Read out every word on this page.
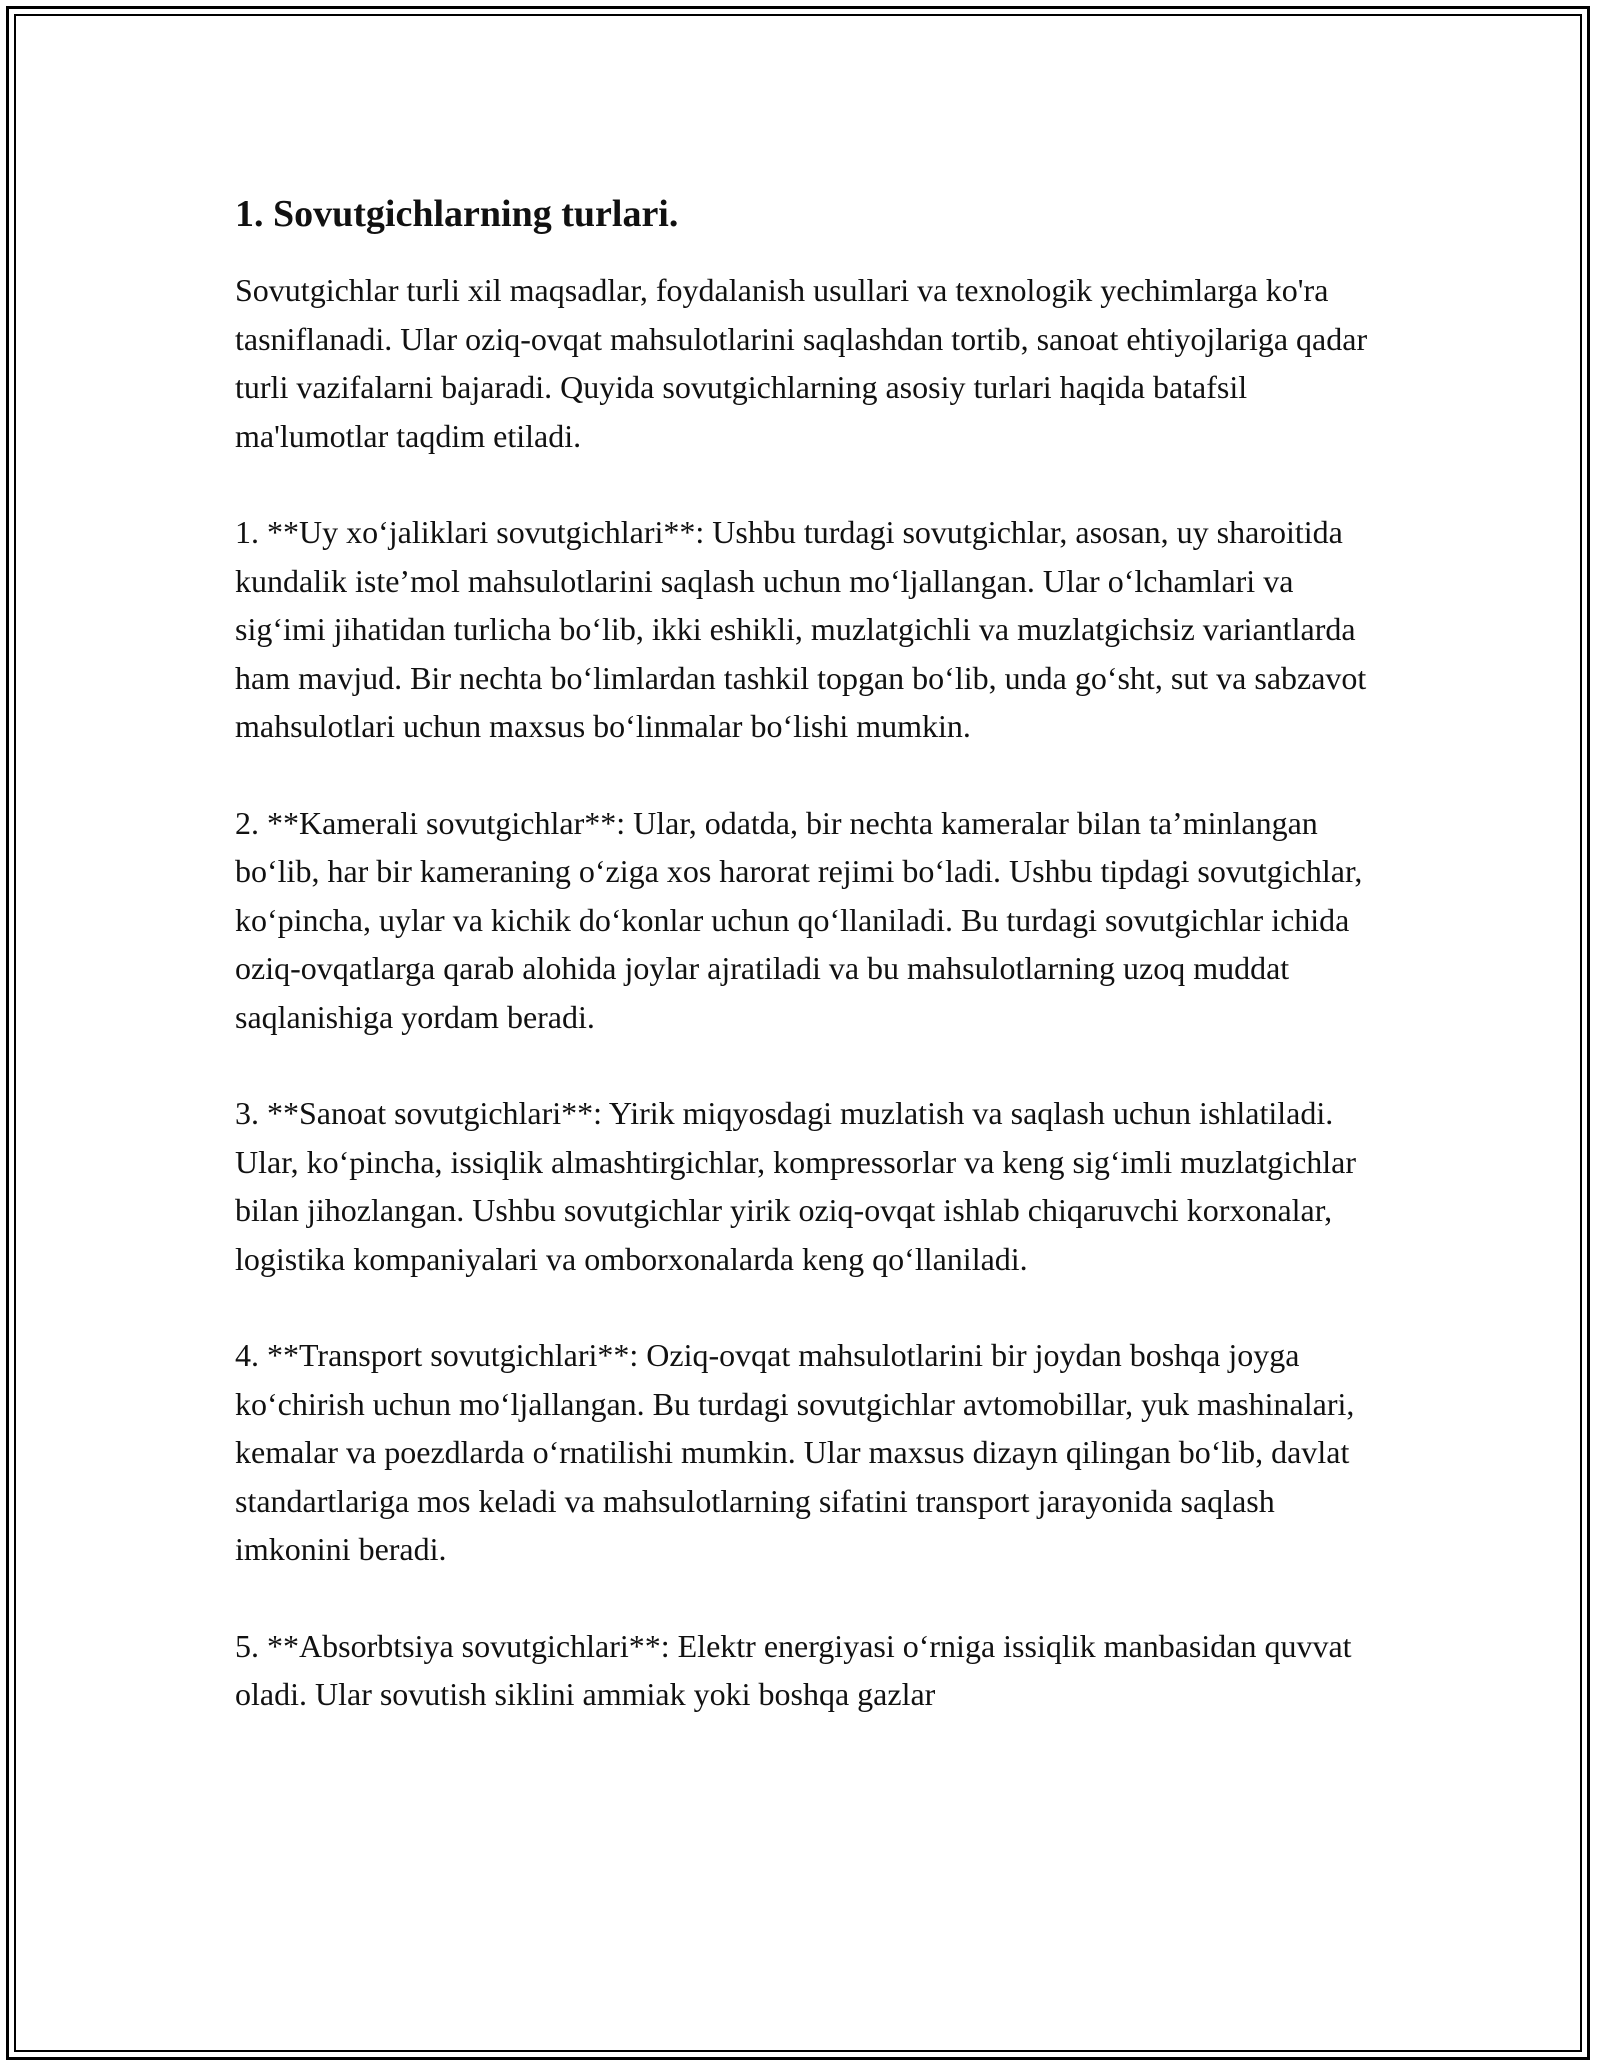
1. Sovutgichlarning turlari.

Sovutgichlar turli xil maqsadlar, foydalanish usullari va texnologik yechimlarga ko'ra tasniflanadi. Ular oziq-ovqat mahsulotlarini saqlashdan tortib, sanoat ehtiyojlariga qadar turli vazifalarni bajaradi. Quyida sovutgichlarning asosiy turlari haqida batafsil ma'lumotlar taqdim etiladi.

1. **Uy xo‘jaliklari sovutgichlari**: Ushbu turdagi sovutgichlar, asosan, uy sharoitida kundalik iste’mol mahsulotlarini saqlash uchun mo‘ljallangan. Ular o‘lchamlari va sig‘imi jihatidan turlicha bo‘lib, ikki eshikli, muzlatgichli va muzlatgichsiz variantlarda ham mavjud. Bir nechta bo‘limlardan tashkil topgan bo‘lib, unda go‘sht, sut va sabzavot mahsulotlari uchun maxsus bo‘linmalar bo‘lishi mumkin.

2. **Kamerali sovutgichlar**: Ular, odatda, bir nechta kameralar bilan ta’minlangan bo‘lib, har bir kameraning o‘ziga xos harorat rejimi bo‘ladi. Ushbu tipdagi sovutgichlar, ko‘pincha, uylar va kichik do‘konlar uchun qo‘llaniladi. Bu turdagi sovutgichlar ichida oziq-ovqatlarga qarab alohida joylar ajratiladi va bu mahsulotlarning uzoq muddat saqlanishiga yordam beradi.

3. **Sanoat sovutgichlari**: Yirik miqyosdagi muzlatish va saqlash uchun ishlatiladi. Ular, ko‘pincha, issiqlik almashtirgichlar, kompressorlar va keng sig‘imli muzlatgichlar bilan jihozlangan. Ushbu sovutgichlar yirik oziq-ovqat ishlab chiqaruvchi korxonalar, logistika kompaniyalari va omborxonalarda keng qo‘llaniladi.

4. **Transport sovutgichlari**: Oziq-ovqat mahsulotlarini bir joydan boshqa joyga ko‘chirish uchun mo‘ljallangan. Bu turdagi sovutgichlar avtomobillar, yuk mashinalari, kemalar va poezdlarda o‘rnatilishi mumkin. Ular maxsus dizayn qilingan bo‘lib, davlat standartlariga mos keladi va mahsulotlarning sifatini transport jarayonida saqlash imkonini beradi.

5. **Absorbtsiya sovutgichlari**: Elektr energiyasi o‘rniga issiqlik manbasidan quvvat oladi. Ular sovutish siklini ammiak yoki boshqa gazlar
